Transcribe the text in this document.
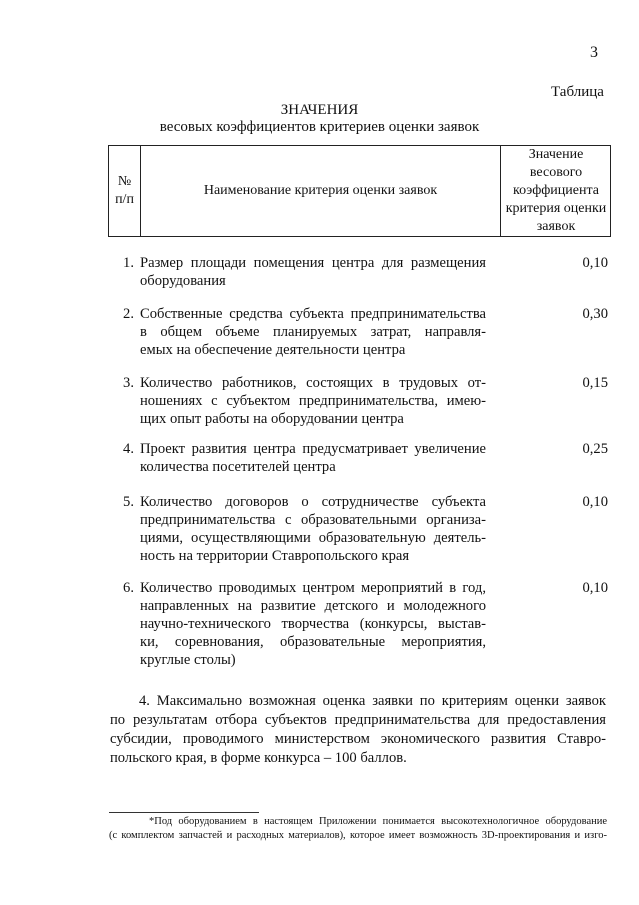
3
Таблица
ЗНАЧЕНИЯ
весовых коэффициентов критериев оценки заявок
№
п/п
Наименование критерия оценки заявок
Значение
весового
коэффициента
критерия оценки
заявок
1. Размер площади помещения центра для размещения
оборудования
0,10
2. Собственные средства субъекта предпринимательства в общем объеме планируемых затрат, направля-
емых на обеспечение деятельности центра
0,30
3. Количество работников, состоящих в трудовых от-
ношениях с субъектом предпринимательства, имею-
щих опыт работы на оборудовании центра
0,15
4. Проект развития центра предусматривает увеличение
количества посетителей центра
0,25
5. Количество договоров о сотрудничестве субъекта
предпринимательства с образовательными организа-
циями, осуществляющими образовательную деятель-
ность на территории Ставропольского края
0,10
6. Количество проводимых центром мероприятий в год,
направленных на развитие детского и молодежного
научно-технического творчества (конкурсы, выстав-
ки, соревнования, образовательные мероприятия,
круглые столы)
0,10
4. Максимально возможная оценка заявки по критериям оценки заявок
по результатам отбора субъектов предпринимательства для предоставления
субсидии, проводимого министерством экономического развития Ставро-
польского края, в форме конкурса – 100 баллов.
*Под оборудованием в настоящем Приложении понимается высокотехнологичное оборудование
(с комплектом запчастей и расходных материалов), которое имеет возможность 3D-проектирования и изго-
